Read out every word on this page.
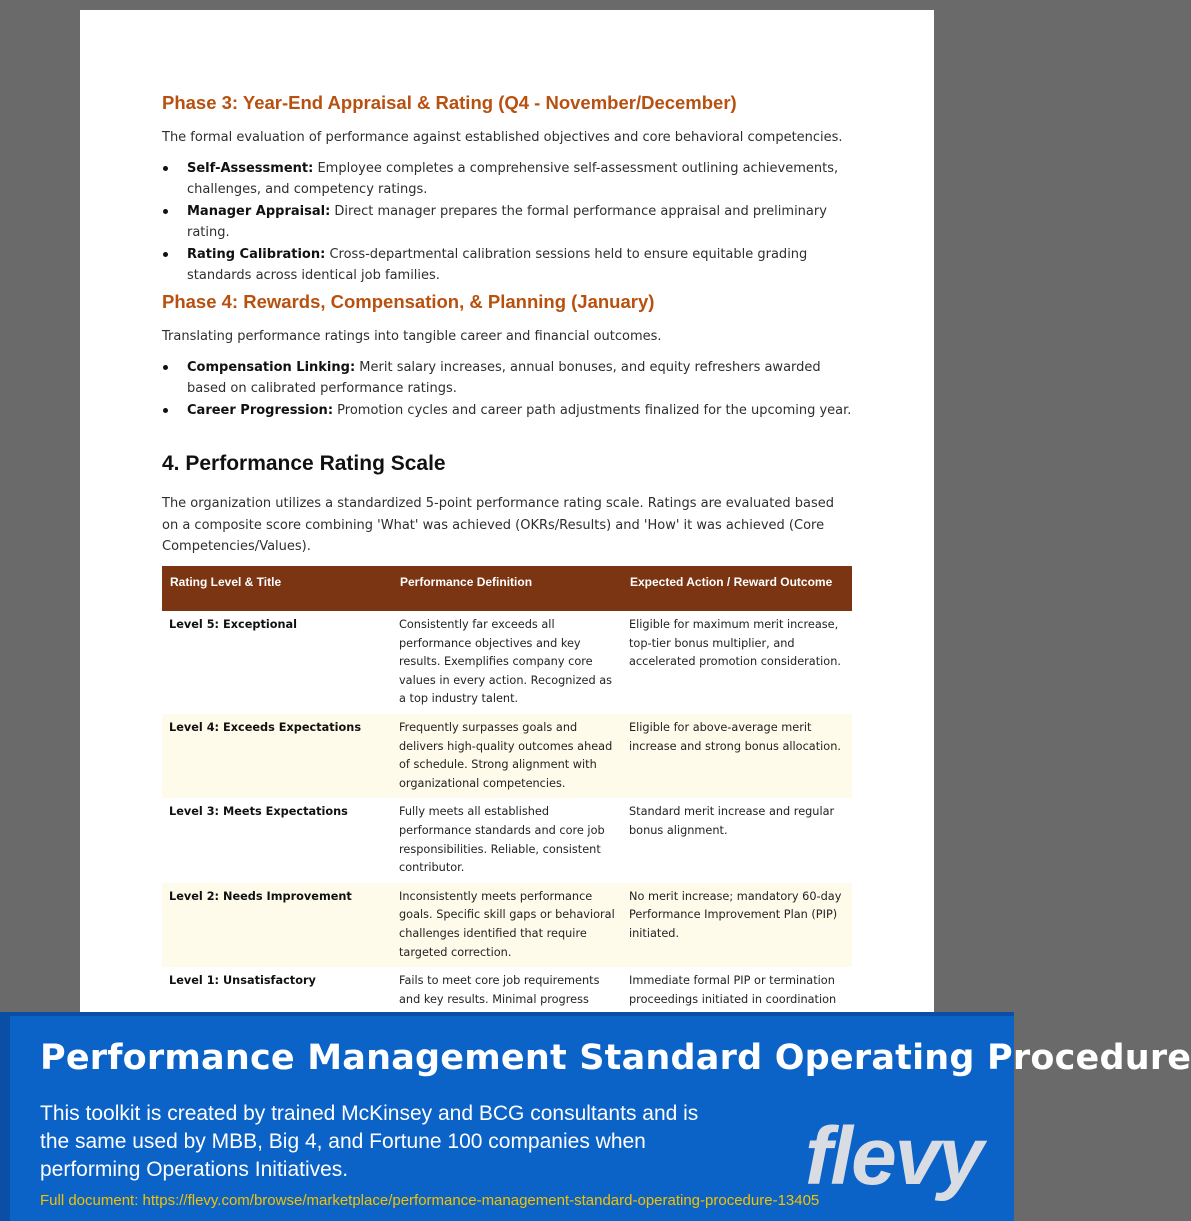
Phase 3: Year-End Appraisal & Rating (Q4 - November/December)

The formal evaluation of performance against established objectives and core behavioral competencies.

Self-Assessment: Employee completes a comprehensive self-assessment outlining achievements, challenges, and competency ratings.
Manager Appraisal: Direct manager prepares the formal performance appraisal and preliminary rating.
Rating Calibration: Cross-departmental calibration sessions held to ensure equitable grading standards across identical job families.
Phase 4: Rewards, Compensation, & Planning (January)

Translating performance ratings into tangible career and financial outcomes.

Compensation Linking: Merit salary increases, annual bonuses, and equity refreshers awarded based on calibrated performance ratings.
Career Progression: Promotion cycles and career path adjustments finalized for the upcoming year.
4. Performance Rating Scale

The organization utilizes a standardized 5-point performance rating scale. Ratings are evaluated based on a composite score combining 'What' was achieved (OKRs/Results) and 'How' it was achieved (Core Competencies/Values).

Rating Level & Title	Performance Definition	Expected Action / Reward Outcome
Level 5: Exceptional	Consistently far exceeds all performance objectives and key results. Exemplifies company core values in every action. Recognized as a top industry talent.	Eligible for maximum merit increase, top-tier bonus multiplier, and accelerated promotion consideration.
Level 4: Exceeds Expectations	Frequently surpasses goals and delivers high-quality outcomes ahead of schedule. Strong alignment with organizational competencies.	Eligible for above-average merit increase and strong bonus allocation.
Level 3: Meets Expectations	Fully meets all established performance standards and core job responsibilities. Reliable, consistent contributor.	Standard merit increase and regular bonus alignment.
Level 2: Needs Improvement	Inconsistently meets performance goals. Specific skill gaps or behavioral challenges identified that require targeted correction.	No merit increase; mandatory 60-day Performance Improvement Plan (PIP) initiated.
Level 1: Unsatisfactory	Fails to meet core job requirements and key results. Minimal progress	Immediate formal PIP or termination proceedings initiated in coordination
Performance Management Standard Operating Procedure

This toolkit is created by trained McKinsey and BCG consultants and is the same used by MBB, Big 4, and Fortune 100 companies when performing Operations Initiatives.

Full document: https://flevy.com/browse/marketplace/performance-management-standard-operating-procedure-13405
flevy
